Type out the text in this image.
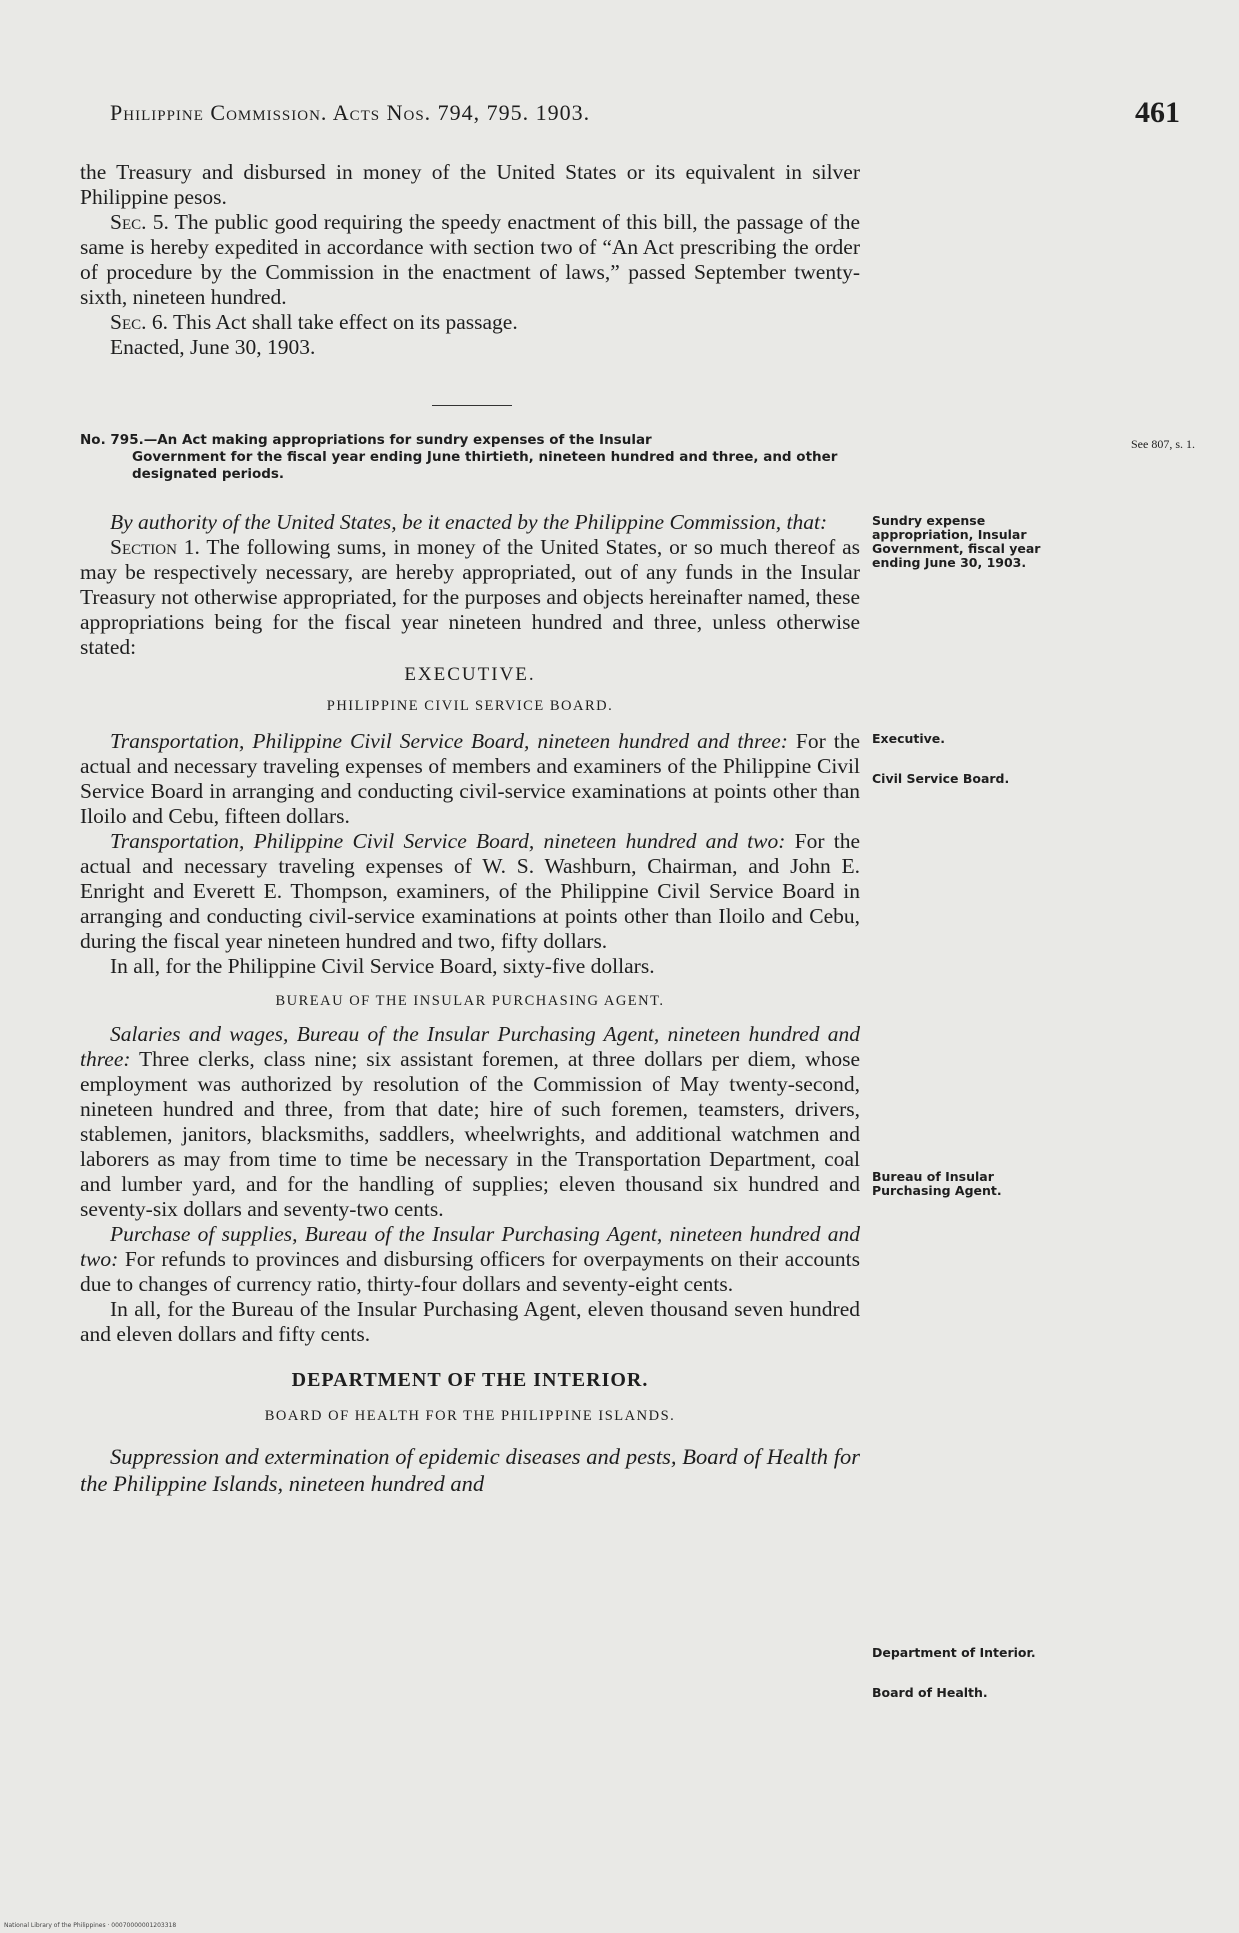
Philippine Commission. Acts Nos. 794, 795. 1903.	461

the Treasury and disbursed in money of the United States or its equivalent in silver Philippine pesos.

Sec. 5. The public good requiring the speedy enactment of this bill, the passage of the same is hereby expedited in accordance with section two of “An Act prescribing the order of procedure by the Commission in the enactment of laws,” passed September twenty-sixth, nineteen hundred.

Sec. 6. This Act shall take effect on its passage.

Enacted, June 30, 1903.

No. 795.—An Act making appropriations for sundry expenses of the Insular
Government for the fiscal year ending June thirtieth, nineteen hundred and three, and other designated periods.

By authority of the United States, be it enacted by the Philippine Commission, that:

Section 1. The following sums, in money of the United States, or so much thereof as may be respectively necessary, are hereby appropriated, out of any funds in the Insular Treasury not otherwise appropriated, for the purposes and objects hereinafter named, these appropriations being for the fiscal year nineteen hundred and three, unless otherwise stated:

EXECUTIVE.
PHILIPPINE CIVIL SERVICE BOARD.

Transportation, Philippine Civil Service Board, nineteen hundred and three: For the actual and necessary traveling expenses of members and examiners of the Philippine Civil Service Board in arranging and conducting civil-service examinations at points other than Iloilo and Cebu, fifteen dollars.

Transportation, Philippine Civil Service Board, nineteen hundred and two: For the actual and necessary traveling expenses of W. S. Washburn, Chairman, and John E. Enright and Everett E. Thompson, examiners, of the Philippine Civil Service Board in arranging and conducting civil-service examinations at points other than Iloilo and Cebu, during the fiscal year nineteen hundred and two, fifty dollars.

In all, for the Philippine Civil Service Board, sixty-five dollars.

BUREAU OF THE INSULAR PURCHASING AGENT.

Salaries and wages, Bureau of the Insular Purchasing Agent, nineteen hundred and three: Three clerks, class nine; six assistant foremen, at three dollars per diem, whose employment was authorized by resolution of the Commission of May twenty-second, nineteen hundred and three, from that date; hire of such foremen, teamsters, drivers, stablemen, janitors, blacksmiths, saddlers, wheelwrights, and additional watchmen and laborers as may from time to time be necessary in the Transportation Department, coal and lumber yard, and for the handling of supplies; eleven thousand six hundred and seventy-six dollars and seventy-two cents.

Purchase of supplies, Bureau of the Insular Purchasing Agent, nineteen hundred and two: For refunds to provinces and disbursing officers for overpayments on their accounts due to changes of currency ratio, thirty-four dollars and seventy-eight cents.

In all, for the Bureau of the Insular Purchasing Agent, eleven thousand seven hundred and eleven dollars and fifty cents.

DEPARTMENT OF THE INTERIOR.
BOARD OF HEALTH FOR THE PHILIPPINE ISLANDS.

Suppression and extermination of epidemic diseases and pests, Board of Health for the Philippine Islands, nineteen hundred and

See 807, s. 1.
Sundry expense appropriation, Insular Government, fiscal year ending June 30, 1903.
Executive.
Civil Service Board.
Bureau of Insular Purchasing Agent.
Department of Interior.
Board of Health.
National Library of the Philippines · 00070000001203318
